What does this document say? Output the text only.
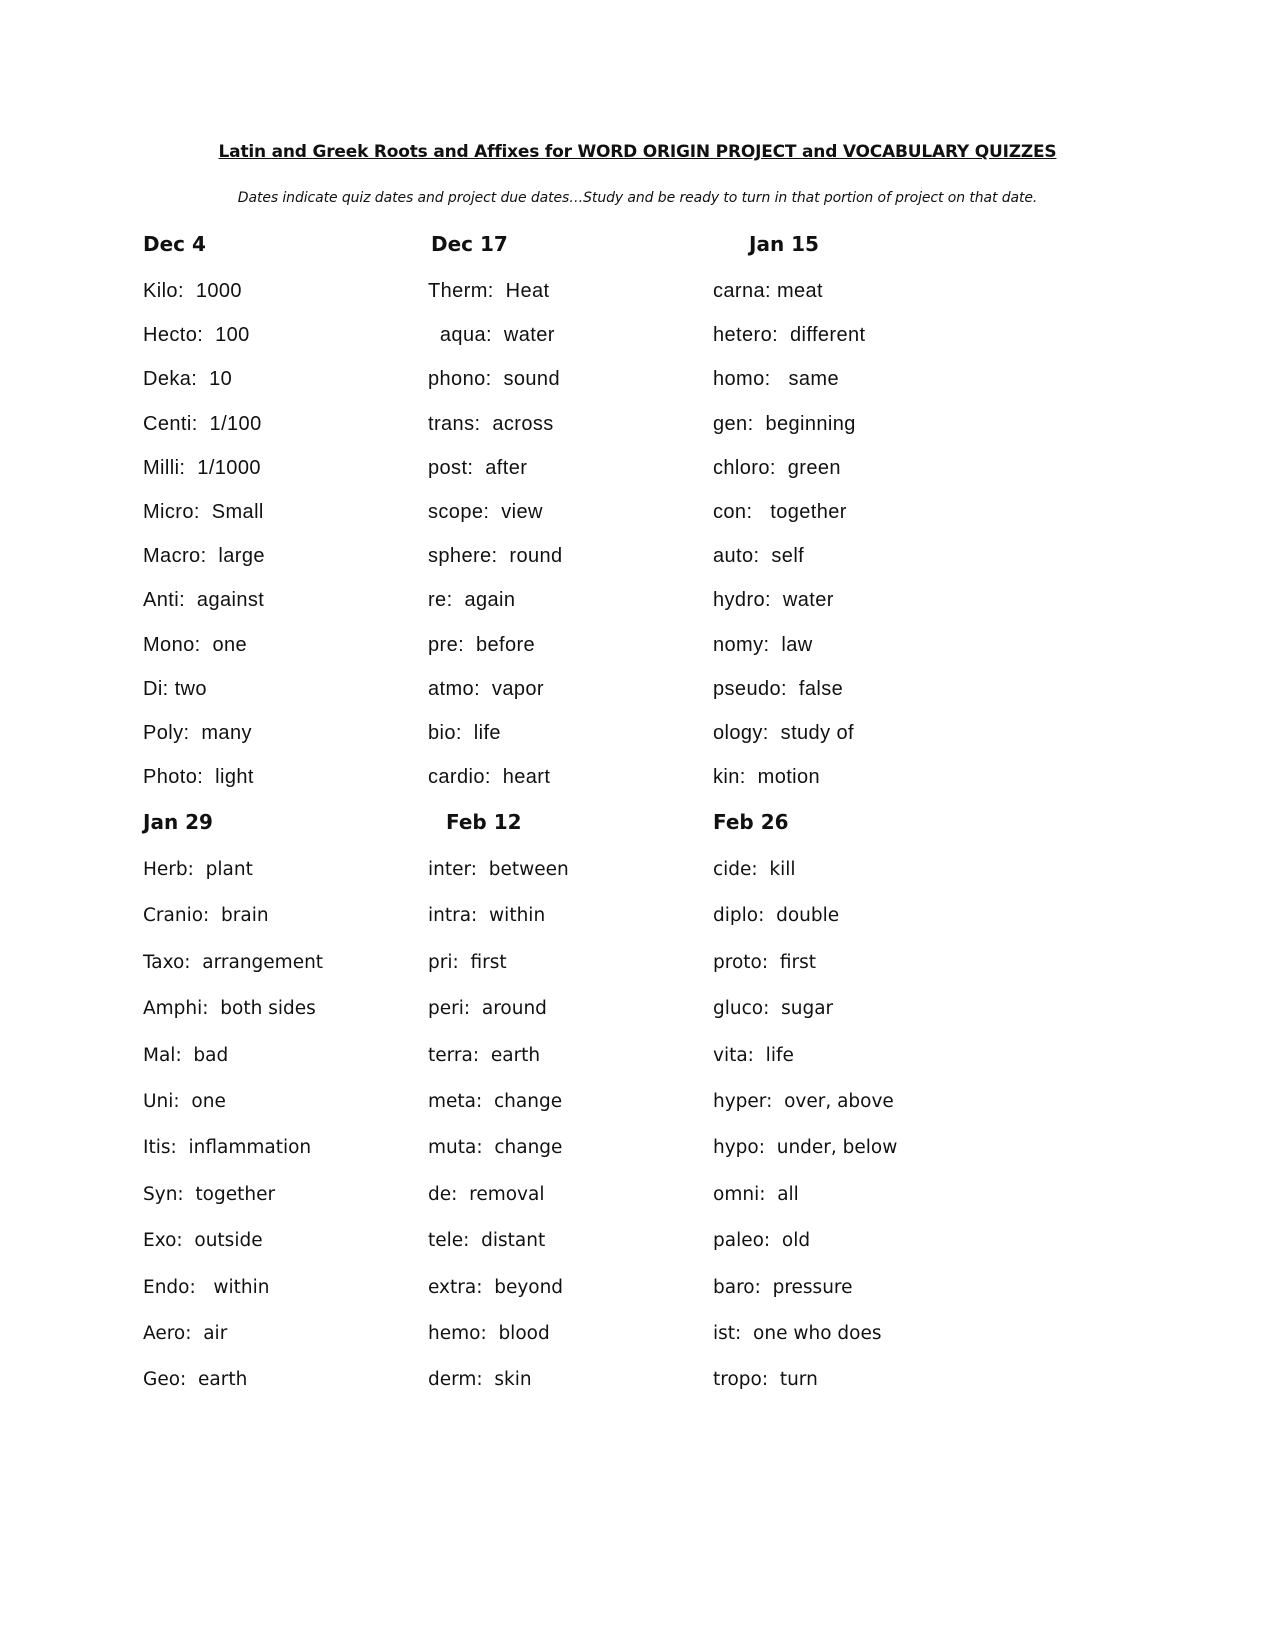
Latin and Greek Roots and Affixes for WORD ORIGIN PROJECT and VOCABULARY QUIZZES
Dates indicate quiz dates and project due dates…Study and be ready to turn in that portion of project on that date.
Dec 4
Kilo:  1000
Hecto:  100
Deka:  10
Centi:  1/100
Milli:  1/1000
Micro:  Small
Macro:  large
Anti:  against
Mono:  one
Di: two
Poly:  many
Photo:  light
Dec 17
Therm:  Heat
aqua:  water
phono:  sound
trans:  across
post:  after
scope:  view
sphere:  round
re:  again
pre:  before
atmo:  vapor
bio:  life
cardio:  heart
Jan 15
carna: meat
hetero:  different
homo:   same
gen:  beginning
chloro:  green
con:   together
auto:  self
hydro:  water
nomy:  law
pseudo:  false
ology:  study of
kin:  motion
Jan 29
Herb:  plant
Cranio:  brain
Taxo:  arrangement
Amphi:  both sides
Mal:  bad
Uni:  one
Itis:  inflammation
Syn:  together
Exo:  outside
Endo:   within
Aero:  air
Geo:  earth
Feb 12
inter:  between
intra:  within
pri:  first
peri:  around
terra:  earth
meta:  change
muta:  change
de:  removal
tele:  distant
extra:  beyond
hemo:  blood
derm:  skin
Feb 26
cide:  kill
diplo:  double
proto:  first
gluco:  sugar
vita:  life
hyper:  over, above
hypo:  under, below
omni:  all
paleo:  old
baro:  pressure
ist:  one who does
tropo:  turn
